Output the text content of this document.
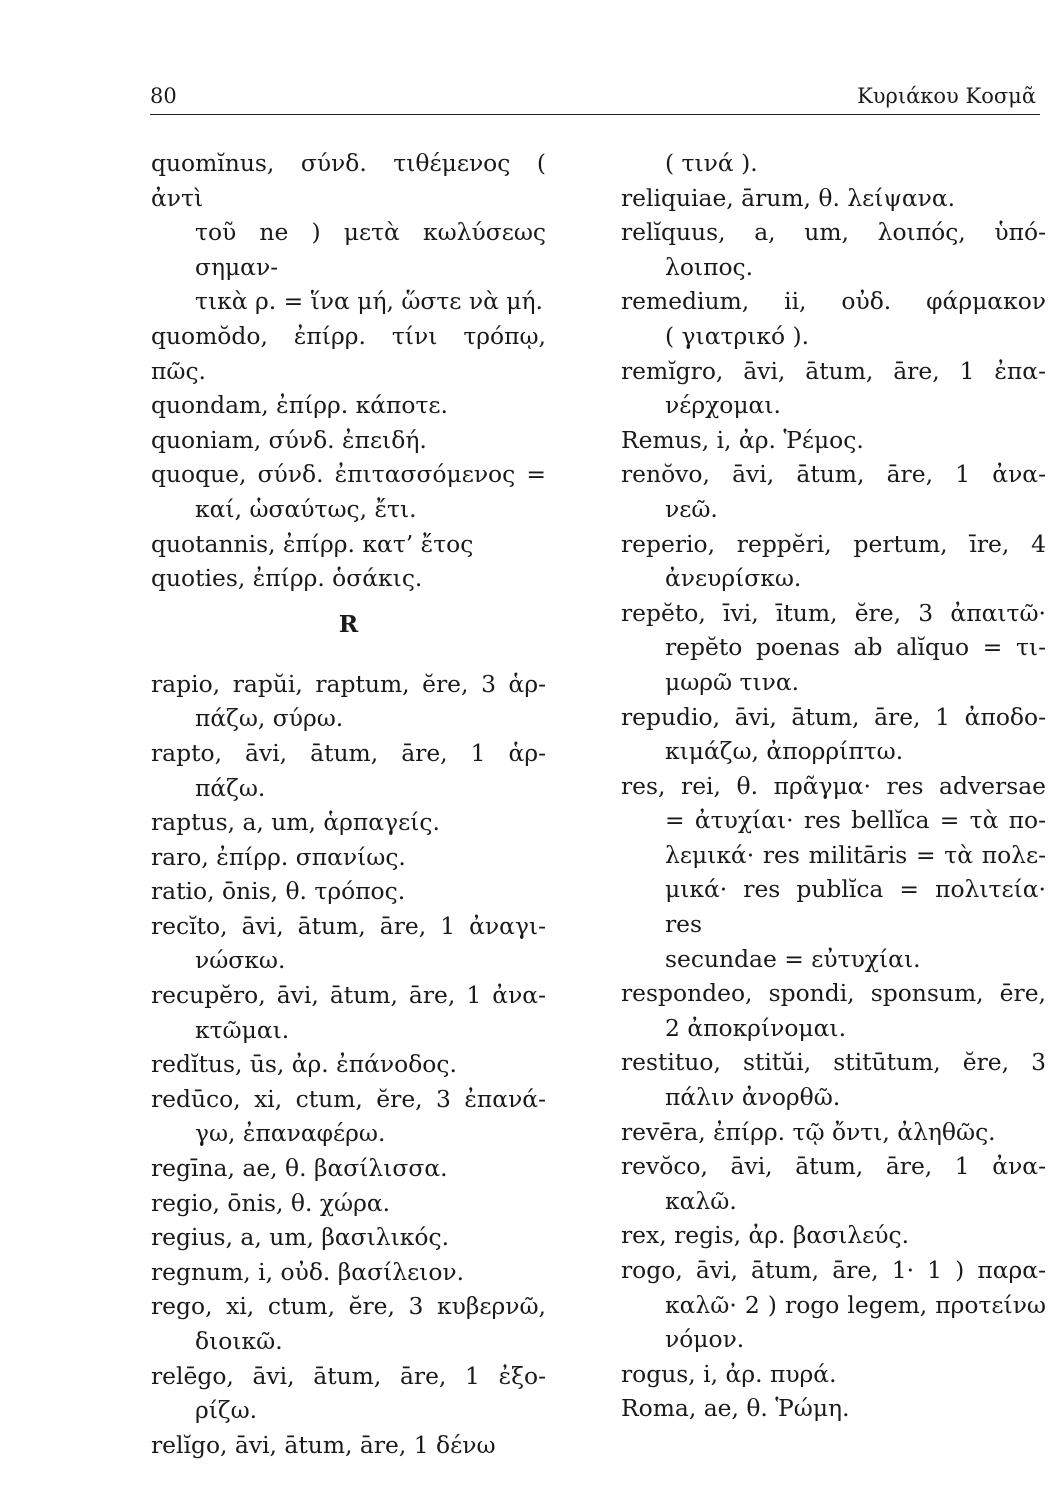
80	Κυριάκου Κοσμᾶ
quomĭnus, σύνδ. τιθέμενος ( ἀντὶ
τοῦ ne ) μετὰ κωλύσεως σημαν-
τικὰ ρ. = ἵνα μή, ὥστε νὰ μή.
quomŏdo, ἐπίρρ. τίνι τρόπῳ, πῶς.
quondam, ἐπίρρ. κάποτε.
quoniam, σύνδ. ἐπειδή.
quoque, σύνδ. ἐπιτασσόμενος =
καί, ὡσαύτως, ἔτι.
quotannis, ἐπίρρ. κατ’ ἔτος
quoties, ἐπίρρ. ὁσάκις.
R
rapio, rapŭi, raptum, ĕre, 3 ἁρ-
πάζω, σύρω.
rapto, āvi, ātum, āre, 1 ἁρ-
πάζω.
raptus, a, um, ἁρπαγείς.
raro, ἐπίρρ. σπανίως.
ratio, ōnis, θ. τρόπος.
recĭto, āvi, ātum, āre, 1 ἀναγι-
νώσκω.
recupĕro, āvi, ātum, āre, 1 ἀνα-
κτῶμαι.
redĭtus, ūs, ἀρ. ἐπάνοδος.
redūco, xi, ctum, ĕre, 3 ἐπανά-
γω, ἐπαναφέρω.
regīna, ae, θ. βασίλισσα.
regio, ōnis, θ. χώρα.
regius, a, um, βασιλικός.
regnum, i, οὐδ. βασίλειον.
rego, xi, ctum, ĕre, 3 κυβερνῶ,
διοικῶ.
relēgo, āvi, ātum, āre, 1 ἐξο-
ρίζω.
relĭgo, āvi, ātum, āre, 1 δένω
( τινά ).
reliquiae, ārum, θ. λείψανα.
relĭquus, a, um, λοιπός, ὑπό-
λοιπος.
remedium, ii, οὐδ. φάρμακον
( γιατρικό ).
remĭgro, āvi, ātum, āre, 1 ἐπα-
νέρχομαι.
Remus, i, ἀρ. Ῥέμος.
renŏvo, āvi, ātum, āre, 1 ἀνα-
νεῶ.
reperio, reppĕri, pertum, īre, 4
ἀνευρίσκω.
repĕto, īvi, ītum, ĕre, 3 ἀπαιτῶ·
repĕto poenas ab alĭquo = τι-
μωρῶ τινα.
repudio, āvi, ātum, āre, 1 ἀποδο-
κιμάζω, ἀπορρίπτω.
res, rei, θ. πρᾶγμα· res adversae
= ἀτυχίαι· res bellĭca = τὰ πο-
λεμικά· res militāris = τὰ πολε-
μικά· res publĭca = πολιτεία· res
secundae = εὐτυχίαι.
respondeo, spondi, sponsum, ēre,
2 ἀποκρίνομαι.
restituo, stitŭi, stitūtum, ĕre, 3
πάλιν ἀνορθῶ.
revēra, ἐπίρρ. τῷ ὄντι, ἀληθῶς.
revŏco, āvi, ātum, āre, 1 ἀνα-
καλῶ.
rex, regis, ἀρ. βασιλεύς.
rogo, āvi, ātum, āre, 1· 1 ) παρα-
καλῶ· 2 ) rogo legem, προτείνω
νόμον.
rogus, i, ἀρ. πυρά.
Roma, ae, θ. Ῥώμη.
